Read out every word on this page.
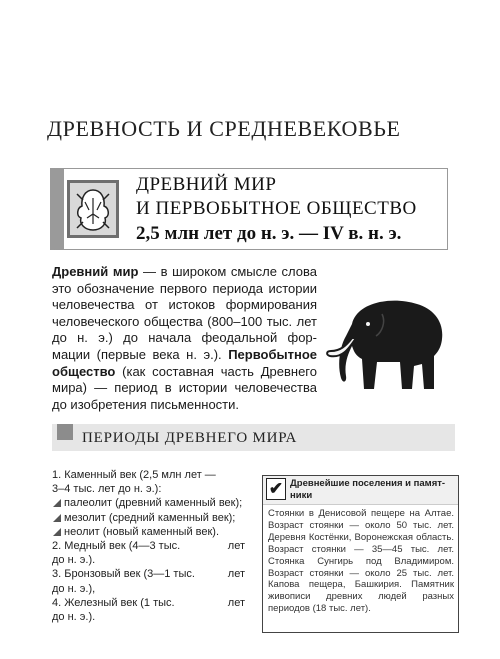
ДРЕВНОСТЬ И СРЕДНЕВЕКОВЬЕ
ДРЕВНИЙ МИР
И ПЕРВОБЫТНОЕ ОБЩЕСТВО
2,5 млн лет до н. э. — IV в. н. э.
Древний мир — в широком смысле слова это обозначение первого периода истории человечества от истоков формирования человеческого общества (800–100 тыс. лет до н. э.) до начала феодальной фор- мации (первые века н. э.). Первобытное общество (как составная часть Древнего мира) — период в истории человечества до изобретения письменности.
ПЕРИОДЫ ДРЕВНЕГО МИРА
1. Каменный век (2,5 млн лет —
3–4 тыс. лет до н. э.):
палеолит (древний каменный век);
мезолит (средний каменный век);
неолит (новый каменный век).
2. Медный век (4—3 тыс.	лет
до н. э.).
3. Бронзовый век (3—1 тыс.	лет
до н. э.),
4. Железный век (1 тыс.	лет
до н. э.).
✔ Древнейшие поселения и памят-ники
Стоянки в Денисовой пещере на Алтае. Возраст стоянки — около 50 тыс. лет. Деревня Костёнки, Воронежская область. Возраст стоянки — 35—45 тыс. лет. Стоянка Сунгирь под Владимиром. Возраст стоянки — около 25 тыс. лет. Капова пещера, Башкирия. Памятник живописи древних людей разных периодов (18 тыс. лет).
